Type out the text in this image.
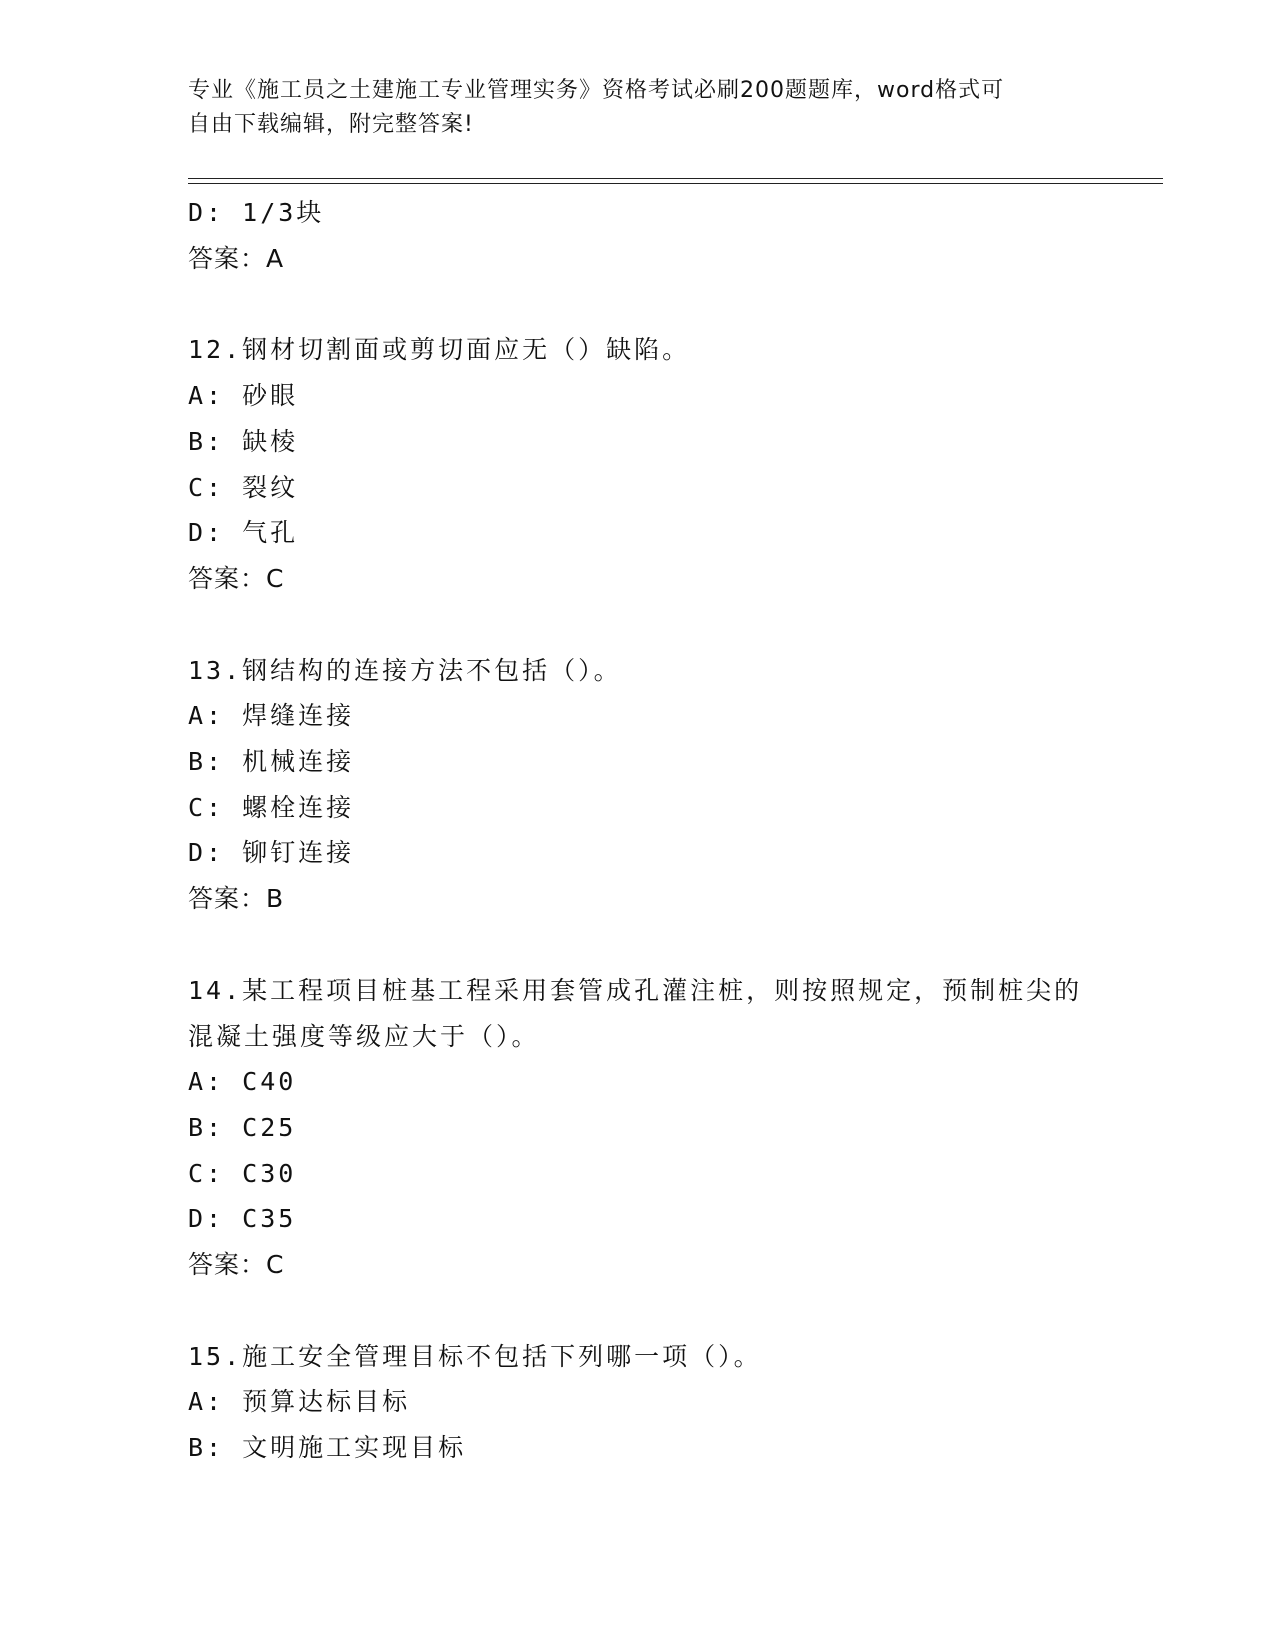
专业《施工员之土建施工专业管理实务》资格考试必刷200题题库，word格式可
自由下载编辑，附完整答案!
D: 1/3块
答案：A
12.钢材切割面或剪切面应无（）缺陷。
A: 砂眼
B: 缺棱
C: 裂纹
D: 气孔
答案：C
13.钢结构的连接方法不包括（）。
A: 焊缝连接
B: 机械连接
C: 螺栓连接
D: 铆钉连接
答案：B
14.某工程项目桩基工程采用套管成孔灌注桩，则按照规定，预制桩尖的混凝土强度等级应大于（）。
A: C40
B: C25
C: C30
D: C35
答案：C
15.施工安全管理目标不包括下列哪一项（）。
A: 预算达标目标
B: 文明施工实现目标
